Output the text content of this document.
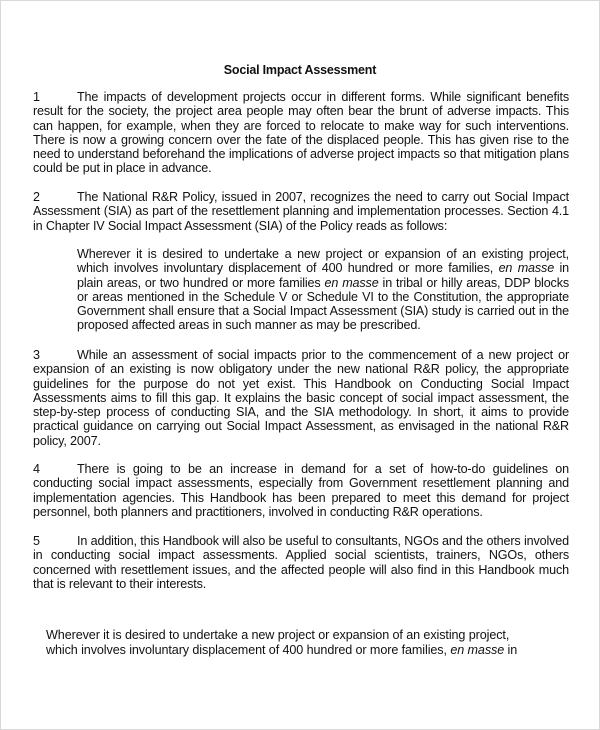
Social Impact Assessment
1	The impacts of development projects occur in different forms. While significant benefits result for the society, the project area people may often bear the brunt of adverse impacts. This can happen, for example, when they are forced to relocate to make way for such interventions. There is now a growing concern over the fate of the displaced people. This has given rise to the need to understand beforehand the implications of adverse project impacts so that mitigation plans could be put in place in advance.
2	The National R&R Policy, issued in 2007, recognizes the need to carry out Social Impact Assessment (SIA) as part of the resettlement planning and implementation processes. Section 4.1 in Chapter IV Social Impact Assessment (SIA) of the Policy reads as follows:
Wherever it is desired to undertake a new project or expansion of an existing project, which involves involuntary displacement of 400 hundred or more families, en masse in plain areas, or two hundred or more families en masse in tribal or hilly areas, DDP blocks or areas mentioned in the Schedule V or Schedule VI to the Constitution, the appropriate Government shall ensure that a Social Impact Assessment (SIA) study is carried out in the proposed affected areas in such manner as may be prescribed.
3	While an assessment of social impacts prior to the commencement of a new project or expansion of an existing is now obligatory under the new national R&R policy, the appropriate guidelines for the purpose do not yet exist. This Handbook on Conducting Social Impact Assessments aims to fill this gap. It explains the basic concept of social impact assessment, the step-by-step process of conducting SIA, and the SIA methodology. In short, it aims to provide practical guidance on carrying out Social Impact Assessment, as envisaged in the national R&R policy, 2007.
4	There is going to be an increase in demand for a set of how-to-do guidelines on conducting social impact assessments, especially from Government resettlement planning and implementation agencies. This Handbook has been prepared to meet this demand for project personnel, both planners and practitioners, involved in conducting R&R operations.
5	In addition, this Handbook will also be useful to consultants, NGOs and the others involved in conducting social impact assessments. Applied social scientists, trainers, NGOs, others concerned with resettlement issues, and the affected people will also find in this Handbook much that is relevant to their interests.
Wherever it is desired to undertake a new project or expansion of an existing project,
which involves involuntary displacement of 400 hundred or more families, en masse in
